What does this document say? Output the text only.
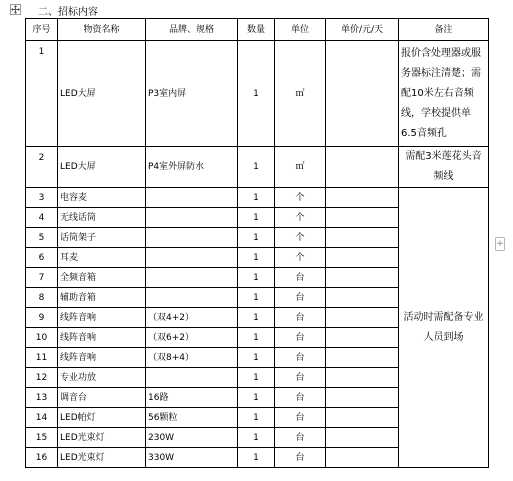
二、招标内容
+
序号	物资名称	品牌、规格	数量	单位	单价/元/天	备注
1	LED大屏	P3室内屏	1	㎡		报价含处理器或服务器标注清楚；需配10米左右音频线，学校提供单6.5音频孔
2	LED大屏	P4室外屏防水	1	㎡		需配3米莲花头音频线
3	电容麦		1	个		活动时需配备专业人员到场
4	无线话筒		1	个		
5	话筒架子		1	个		
6	耳麦		1	个		
7	全频音箱		1	台		
8	辅助音箱		1	台		
9	线阵音响	（双4+2）	1	台		
10	线阵音响	（双6+2）	1	台		
11	线阵音响	（双8+4）	1	台		
12	专业功放		1	台		
13	调音台	16路	1	台		
14	LED帕灯	56颗粒	1	台		
15	LED光束灯	230W	1	台		
16	LED光束灯	330W	1	台		
